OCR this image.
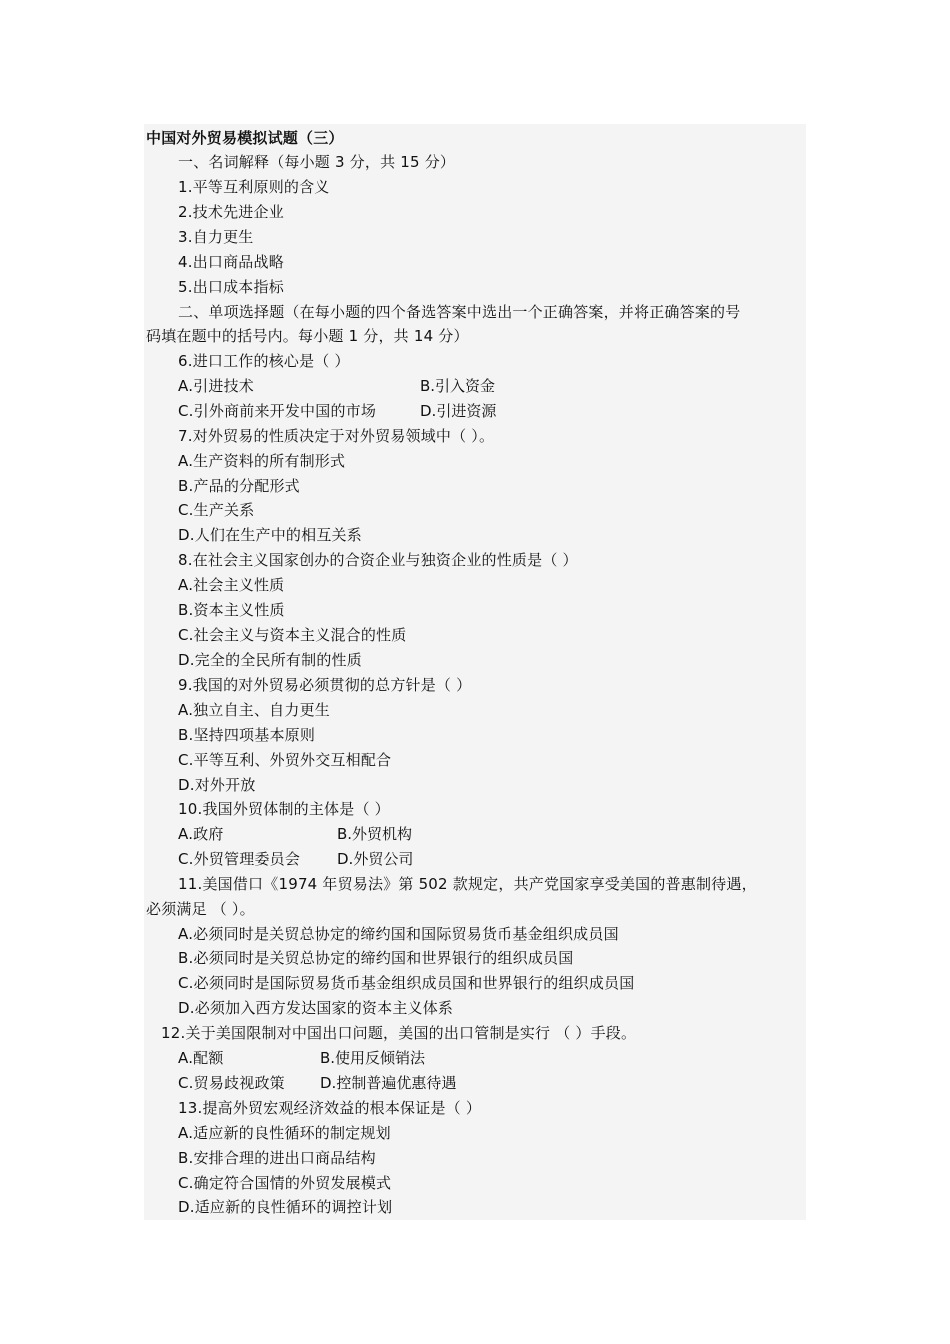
中国对外贸易模拟试题（三）
一、名词解释（每小题 3 分，共 15 分）
1.平等互利原则的含义
2.技术先进企业
3.自力更生
4.出口商品战略
5.出口成本指标
二、单项选择题（在每小题的四个备选答案中选出一个正确答案，并将正确答案的号
码填在题中的括号内。每小题 1 分，共 14 分）
6.进口工作的核心是（ ）
A.引进技术	B.引入资金
C.引外商前来开发中国的市场	D.引进资源
7.对外贸易的性质决定于对外贸易领域中（ ）。
A.生产资料的所有制形式
B.产品的分配形式
C.生产关系
D.人们在生产中的相互关系
8.在社会主义国家创办的合资企业与独资企业的性质是（ ）
A.社会主义性质
B.资本主义性质
C.社会主义与资本主义混合的性质
D.完全的全民所有制的性质
9.我国的对外贸易必须贯彻的总方针是（ ）
A.独立自主、自力更生
B.坚持四项基本原则
C.平等互利、外贸外交互相配合
D.对外开放
10.我国外贸体制的主体是（ ）
A.政府	B.外贸机构
C.外贸管理委员会 D.外贸公司
11.美国借口《1974 年贸易法》第 502 款规定，共产党国家享受美国的普惠制待遇，
必须满足 （ ）。
A.必须同时是关贸总协定的缔约国和国际贸易货币基金组织成员国
B.必须同时是关贸总协定的缔约国和世界银行的组织成员国
C.必须同时是国际贸易货币基金组织成员国和世界银行的组织成员国
D.必须加入西方发达国家的资本主义体系
12.关于美国限制对中国出口问题，美国的出口管制是实行 （ ）手段。
A.配额	B.使用反倾销法
C.贸易歧视政策 D.控制普遍优惠待遇
13.提高外贸宏观经济效益的根本保证是（ ）
A.适应新的良性循环的制定规划
B.安排合理的进出口商品结构
C.确定符合国情的外贸发展模式
D.适应新的良性循环的调控计划
